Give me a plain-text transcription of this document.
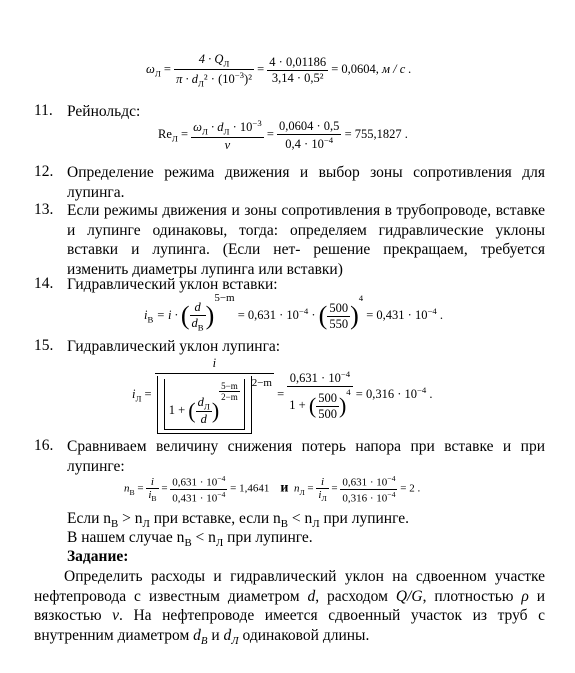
$\omega_Л = \frac{4 \cdot Q_Л}{\pi \cdot d_Л^2 \cdot (10^{-3})^2} = \frac{4 \cdot 0,01186}{\text{3,14 · 0,5²}} = 0,0604$, м / с .
11. Рейнольдс:
$Re_Л = \frac{\omega_Л \cdot d_Л \cdot 10^{-3}}{\nu} = \frac{0,0604 \cdot 0,5}{0,4 \cdot 10^{-4}} = 755,1827$ .
12. Определение режима движения и выбор зоны сопротивления для лупинга.
13. Если режимы движения и зоны сопротивления в трубопроводе, вставке и лупинге одинаковы, тогда: определяем гидравлические уклоны вставки и лупинга. (Если нет- решение прекращаем, требуется изменить диаметры лупинга или вставки)
14. Гидравлический уклон вставки:
$i_В = i$ · ( $\frac{d}{d_В} )^{5-m} = 0,631 \cdot 10^{-4}$ · ( $\frac{500}{550} )^4 = 0,431 \cdot 10^{-4}$ .
15. Гидравлический уклон лупинга:
$i_Л$ =
i
1 + ( $\frac{d_Л}{d}$ )
$\frac{5-m}{2-m} ^{2-m}$
= $\frac{0,631 \cdot 10^{-4}}{1 + ( \frac{500}{500} )^4} = 0,316 \cdot 10^{-4}$ .
16. Сравниваем величину снижения потерь напора при вставке и при лупинге:
$n_В = \frac{i}{i_В} = \frac{0,631 \cdot 10^{-4}}{0,431 \cdot 10^{-4}} = 1,4641$ и $n_Л = \frac{i}{i_Л} = \frac{0,631 \cdot 10^{-4}}{0,316 \cdot 10^{-4}} = 2$ .
Если $n_В > n_Л$ при вставке, если $n_В < n_Л$ при лупинге.
В нашем случае $n_В < n_Л$ при лупинге.
Задание:
Определить расходы и гидравлический уклон на сдвоенном участке нефтепровода с известным диаметром d, расходом Q/G, плотностью ρ и вязкостью ν. На нефтепроводе имеется сдвоенный участок из труб с внутренним диаметром $d_В$ и $d_Л$ одинаковой длины.
